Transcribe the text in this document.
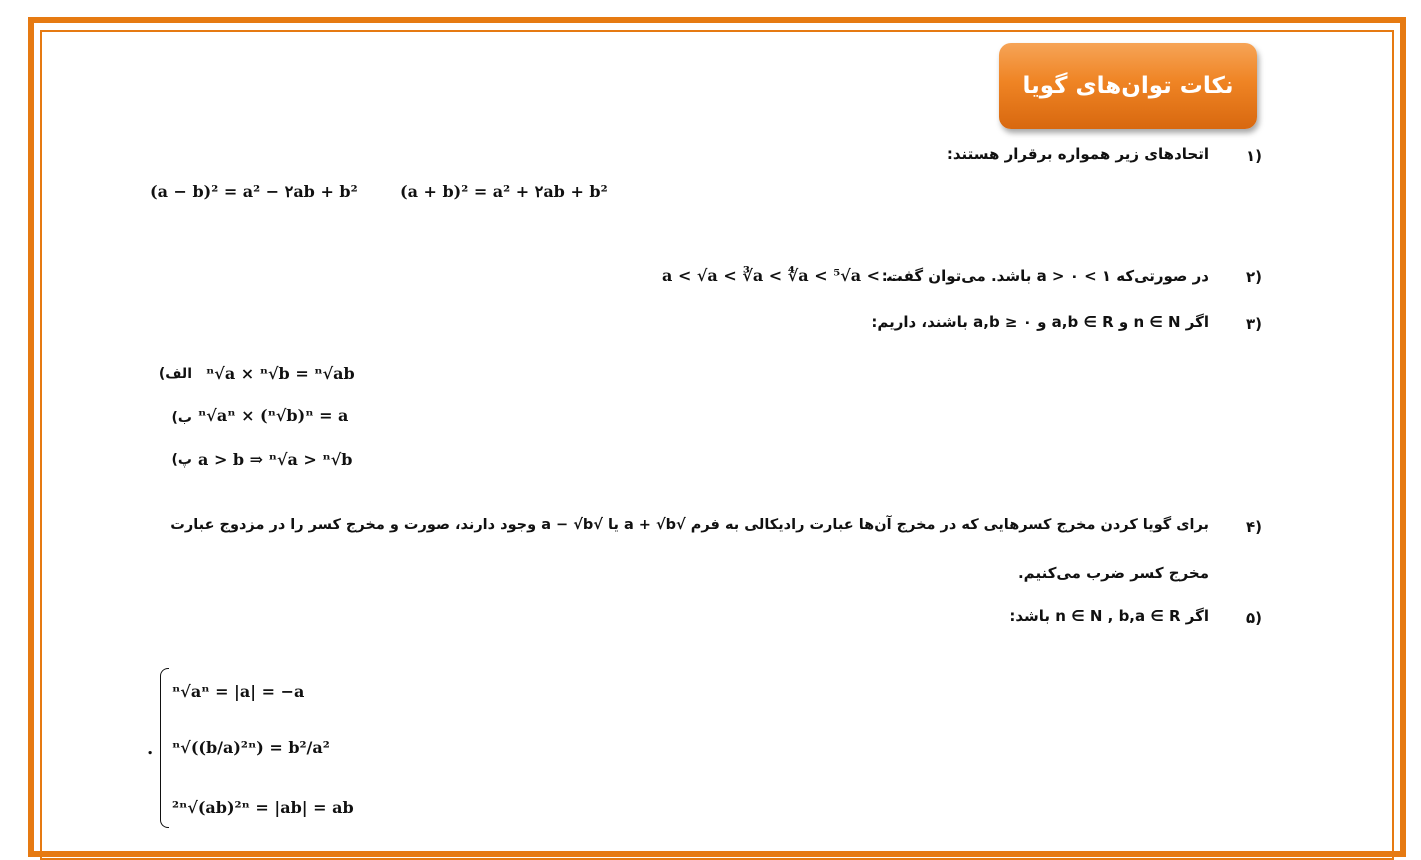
نکات توان‌های گویا
۱)
اتحادهای زیر همواره برقرار هستند:
(a − b)² = a² − ۲ab + b²	(a + b)² = a² + ۲ab + b²
۲)
در صورتی‌که ۱ > a > ۰ باشد. می‌توان گفت:
a < √a < ∛a < ∜a < ⁵√a < ...
۳)
اگر n ∈ N و a,b ∈ R و a,b ≥ ۰ باشند، داریم:
الف) ⁿ√a × ⁿ√b = ⁿ√ab
ب) ⁿ√aⁿ × (ⁿ√b)ⁿ = a
پ) a > b ⇒ ⁿ√a > ⁿ√b
۴)
برای گویا کردن مخرج کسرهایی که در مخرج آن‌ها عبارت رادیکالی به فرم √a + √b یا √a − √b وجود دارند، صورت و مخرج کسر را در مزدوج عبارت
مخرج کسر ضرب می‌کنیم.
۵)
اگر n ∈ N , b,a ∈ R باشد:
.
ⁿ√aⁿ = |a| = −a
ⁿ√((b/a)²ⁿ) = b²/a²
²ⁿ√(ab)²ⁿ = |ab| = ab
